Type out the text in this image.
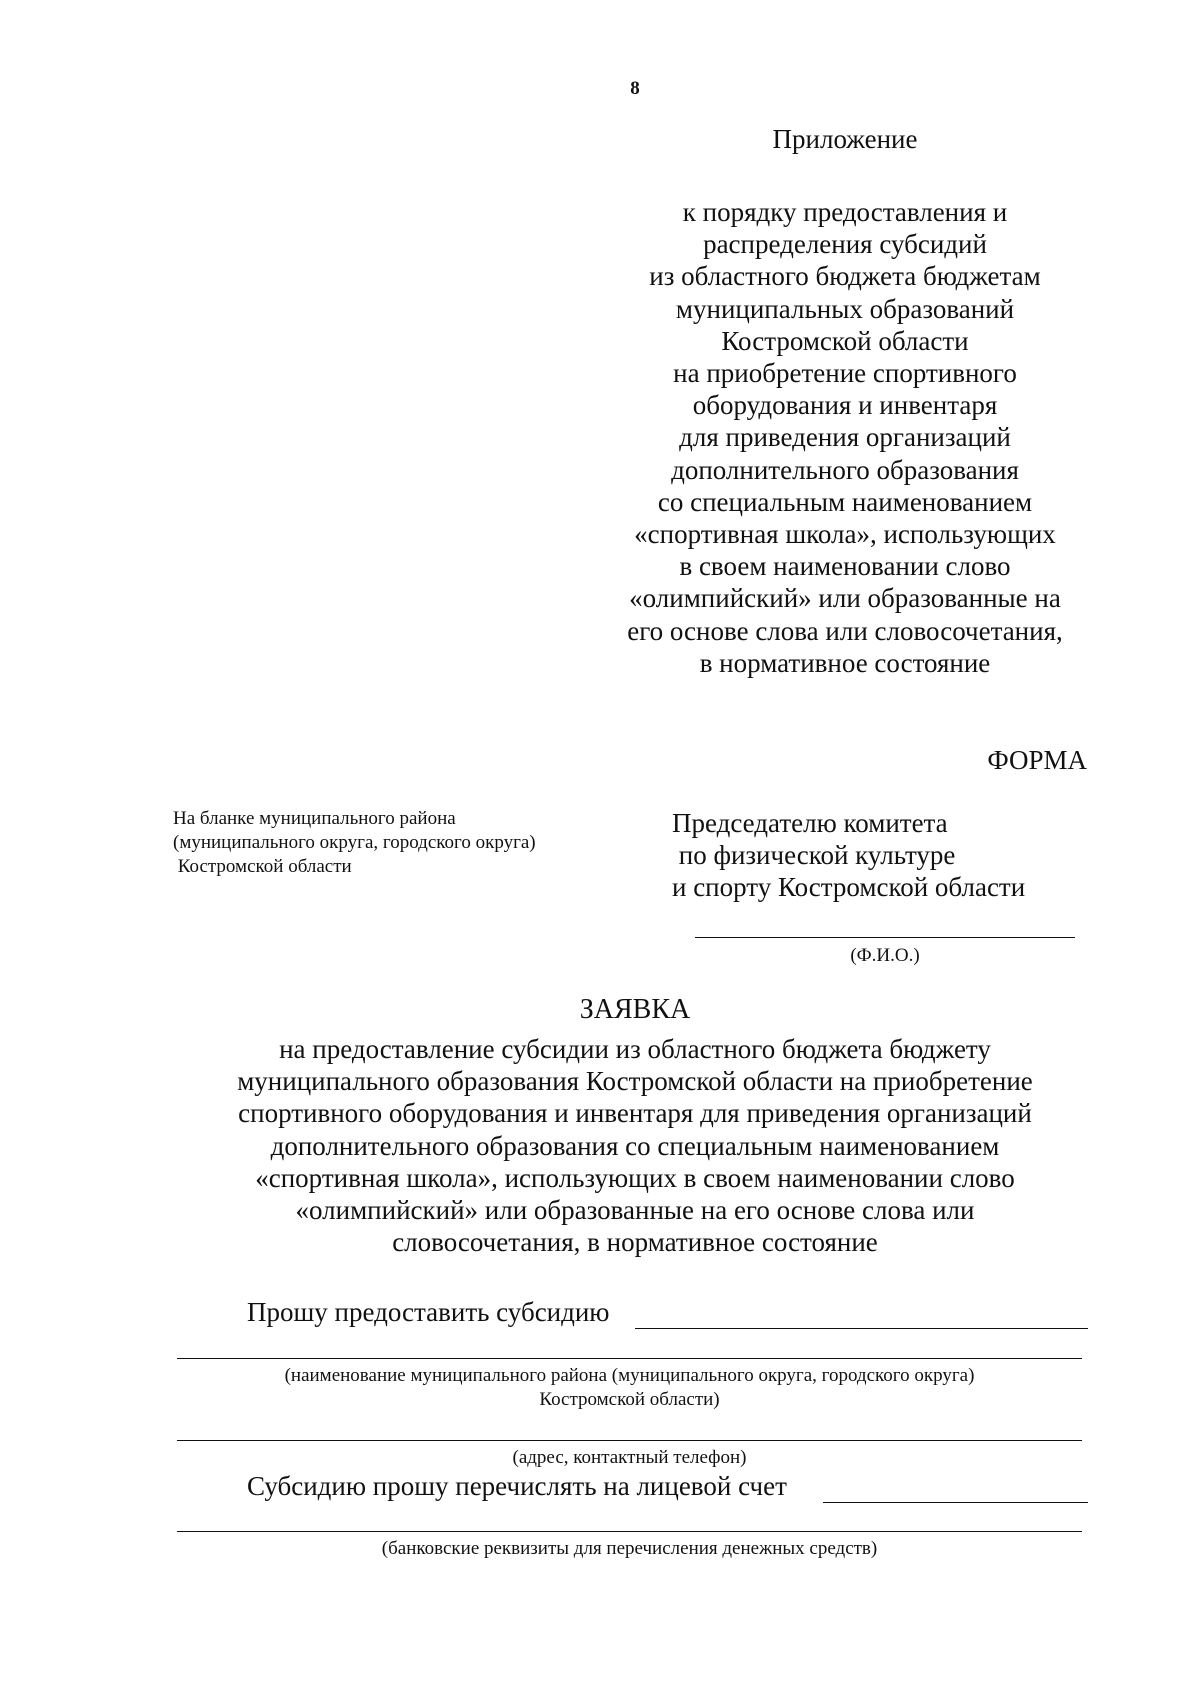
8
Приложение
к порядку предоставления и
распределения субсидий
из областного бюджета бюджетам
муниципальных образований
Костромской области
на приобретение спортивного
оборудования и инвентаря
для приведения организаций
дополнительного образования
со специальным наименованием
«спортивная школа», использующих
в своем наименовании слово
«олимпийский» или образованные на
его основе слова или словосочетания,
в нормативное состояние
ФОРМА
На бланке муниципального района
(муниципального округа, городского округа)
Костромской области
Председателю комитета
по физической культуре
и спорту Костромской области
(Ф.И.О.)
ЗАЯВКА
на предоставление субсидии из областного бюджета бюджету
муниципального образования Костромской области на приобретение
спортивного оборудования и инвентаря для приведения организаций
дополнительного образования со специальным наименованием
«спортивная школа», использующих в своем наименовании слово
«олимпийский» или образованные на его основе слова или
словосочетания, в нормативное состояние
Прошу предоставить субсидию
(наименование муниципального района (муниципального округа, городского округа)
Костромской области)
(адрес, контактный телефон)
Субсидию прошу перечислять на лицевой счет
(банковские реквизиты для перечисления денежных средств)
